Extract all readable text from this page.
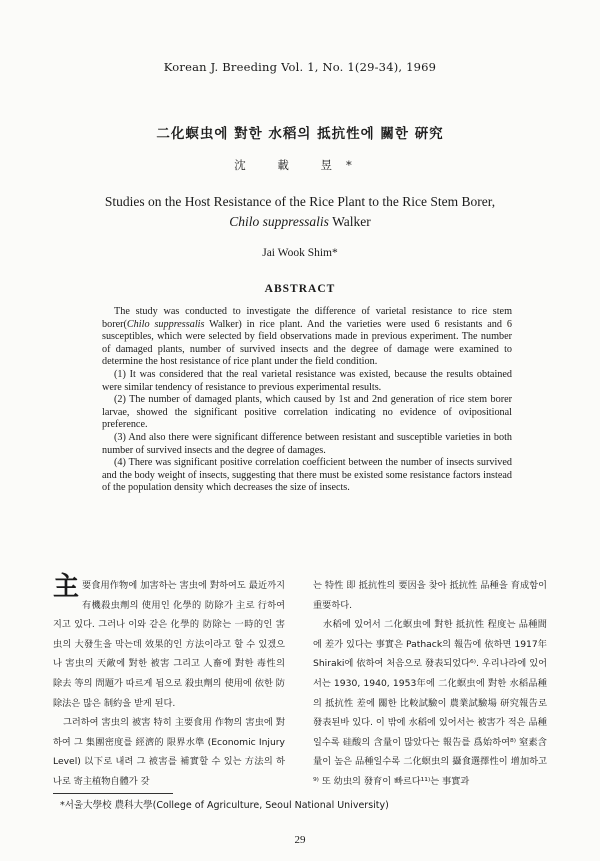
Korean J. Breeding Vol. 1, No. 1(29-34), 1969
二化螟虫에 對한 水稻의 抵抗性에 關한 硏究
沈 載 昱*
Studies on the Host Resistance of the Rice Plant to the Rice Stem Borer,
Chilo suppressalis Walker
Jai Wook Shim*
ABSTRACT

The study was conducted to investigate the difference of varietal resistance to rice stem borer(Chilo suppressalis Walker) in rice plant. And the varieties were used 6 resistants and 6 susceptibles, which were selected by field observations made in previous experiment. The number of damaged plants, number of survived insects and the degree of damage were examined to determine the host resistance of rice plant under the field condition.

(1) It was considered that the real varietal resistance was existed, because the results obtained were similar tendency of resistance to previous experimental results.

(2) The number of damaged plants, which caused by 1st and 2nd generation of rice stem borer larvae, showed the significant positive correlation indicating no evidence of ovipositional preference.

(3) And also there were significant difference between resistant and susceptible varieties in both number of survived insects and the degree of damages.

(4) There was significant positive correlation coefficient between the number of insects survived and the body weight of insects, suggesting that there must be existed some resistance factors instead of the population density which decreases the size of insects.

主要食用作物에 加害하는 害虫에 對하여도 最近까지 有機殺虫劑의 使用인 化學的 防除가 主로 行하여지고 있다. 그러나 이와 같은 化學的 防除는 一時的인 害虫의 大發生을 막는데 效果的인 方法이라고 할 수 있겠으나 害虫의 天敵에 對한 被害 그리고 人畜에 對한 毒性의 除去 等의 問題가 따르게 됨으로 殺虫劑의 使用에 依한 防除法은 많은 制約을 받게 된다.

그러하여 害虫의 被害 特히 主要食用 作物의 害虫에 對하여 그 集團密度를 經濟的 限界水準 (Economic Injury Level) 以下로 내려 그 被害를 補實할 수 있는 方法의 하나로 寄主植物自體가 갖

는 特性 即 抵抗性의 要因을 찾아 抵抗性 品種을 育成함이 重要하다.

水稻에 있어서 二化螟虫에 對한 抵抗性 程度는 品種間에 差가 있다는 事實은 Pathack의 報告에 依하면 1917年 Shiraki에 依하여 처음으로 發表되었다⁶⁾. 우리나라에 있어서는 1930, 1940, 1953年에 二化螟虫에 對한 水稻品種의 抵抗性 差에 關한 比較試驗이 農業試驗場 研究報告로 發表된바 있다. 이 밖에 水稻에 있어서는 被害가 적은 品種일수록 硅酸의 含量이 많았다는 報告를 爲始하여⁸⁾ 窒素含量이 높은 品種일수록 二化螟虫의 攝食選擇性이 增加하고⁹⁾ 또 幼虫의 發育이 빠르다¹¹⁾는 事實과

*서울大學校 農科大學(College of Agriculture, Seoul National University)
29
